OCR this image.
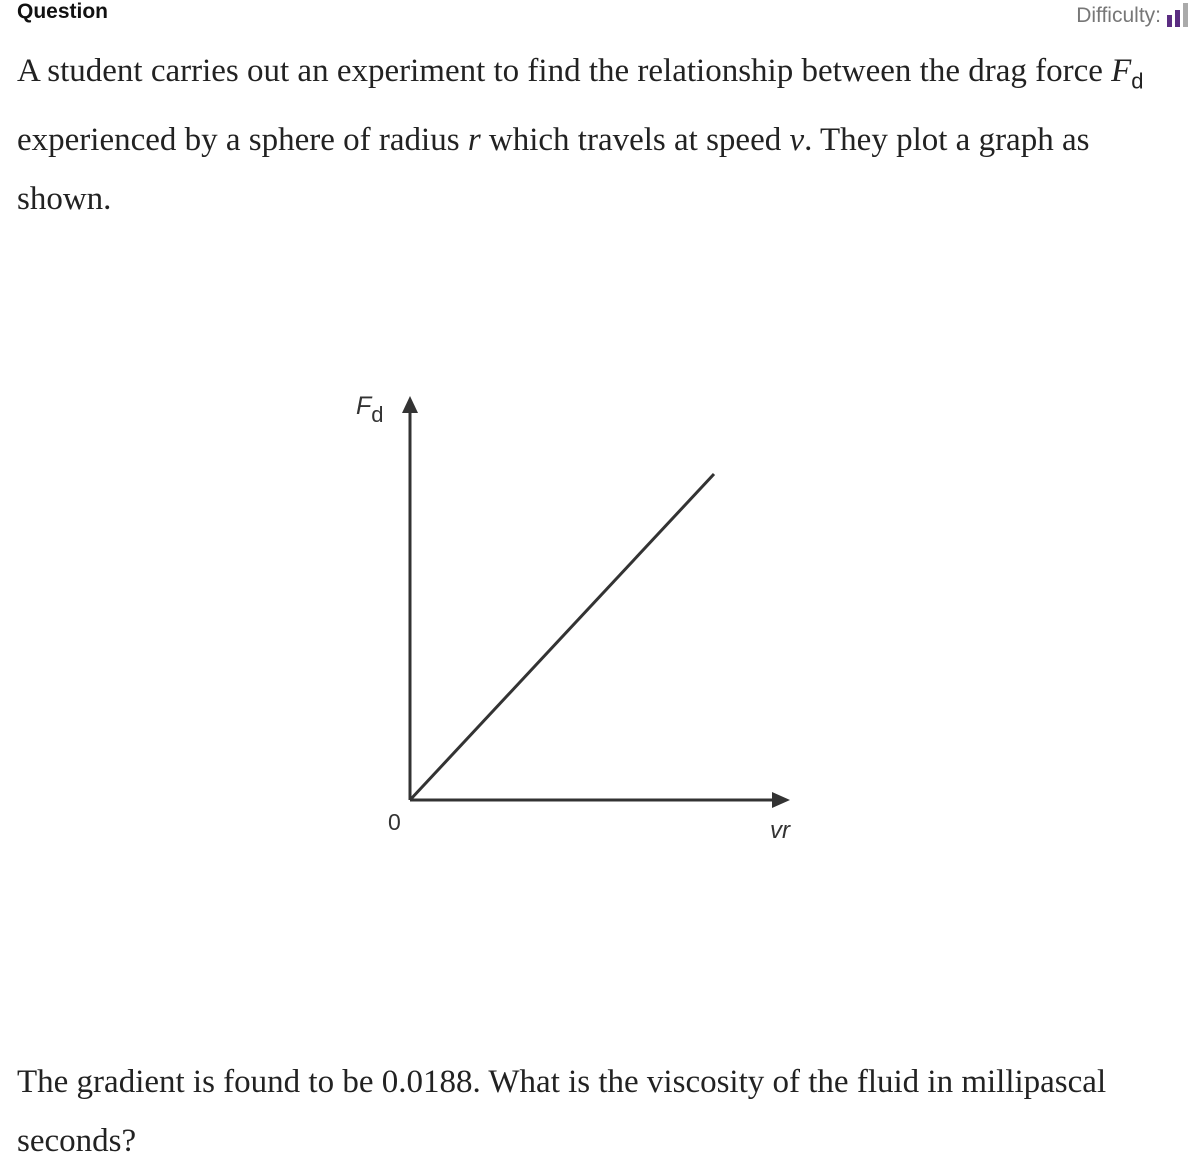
Question	Difficulty:

A student carries out an experiment to find the relationship between the drag force $F_d$ experienced by a sphere of radius r which travels at speed v. They plot a graph as shown.

Fd
0	vr

The gradient is found to be 0.0188. What is the viscosity of the fluid in millipascal seconds?
